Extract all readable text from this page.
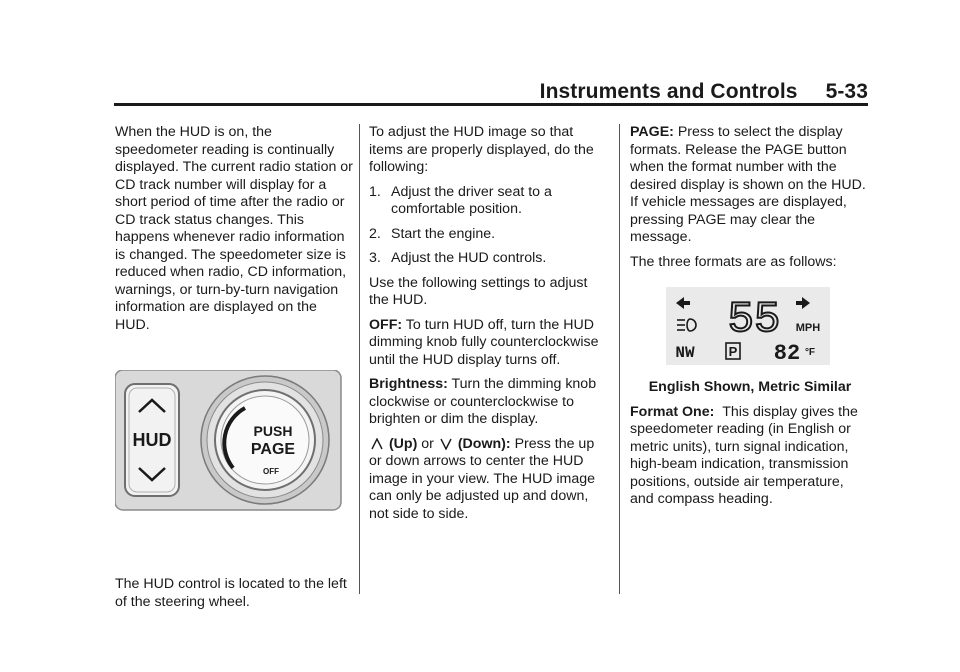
Instruments and Controls 5-33

When the HUD is on, the speedometer reading is continually displayed. The current radio station or CD track number will display for a short period of time after the radio or CD track status changes. This happens whenever radio information is changed. The speedometer size is reduced when radio, CD information, warnings, or turn-by-turn navigation information are displayed on the HUD.

HUD	PUSH
PAGE
OFF

The HUD control is located to the left of the steering wheel.

To adjust the HUD image so that items are properly displayed, do the following:

1. Adjust the driver seat to a comfortable position.
2. Start the engine.
3. Adjust the HUD controls.

Use the following settings to adjust the HUD.

OFF: To turn HUD off, turn the HUD dimming knob fully counterclockwise until the HUD display turns off.

Brightness: Turn the dimming knob clockwise or counterclockwise to brighten or dim the display.

(Up) or (Down): Press the up or down arrows to center the HUD image in your view. The HUD image can only be adjusted up and down, not side to side.

PAGE: Press to select the display formats. Release the PAGE button when the format number with the desired display is shown on the HUD. If vehicle messages are displayed, pressing PAGE may clear the message.

The three formats are as follows:

55 MPH
NW	P 82 °F

English Shown, Metric Similar

Format One: This display gives the speedometer reading (in English or metric units), turn signal indication, high-beam indication, transmission positions, outside air temperature, and compass heading.
